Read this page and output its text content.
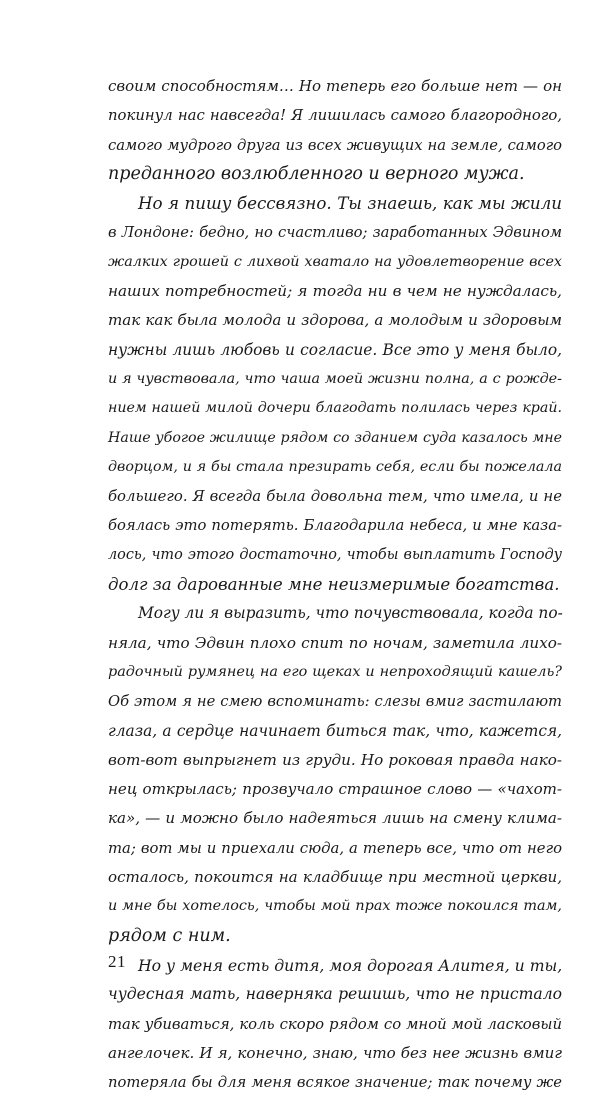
своим способностям… Но теперь его больше нет — он
покинул нас навсегда! Я лишилась самого благородного,
самого мудрого друга из всех живущих на земле, самого
преданного возлюбленного и верного мужа.
Но я пишу бессвязно. Ты знаешь, как мы жили
в Лондоне: бедно, но счастливо; заработанных Эдвином
жалких грошей с лихвой хватало на удовлетворение всех
наших потребностей; я тогда ни в чем не нуждалась,
так как была молода и здорова, а молодым и здоровым
нужны лишь любовь и согласие. Все это у меня было,
и я чувствовала, что чаша моей жизни полна, а с рожде-
нием нашей милой дочери благодать полилась через край.
Наше убогое жилище рядом со зданием суда казалось мне
дворцом, и я бы стала презирать себя, если бы пожелала
большего. Я всегда была довольна тем, что имела, и не
боялась это потерять. Благодарила небеса, и мне каза-
лось, что этого достаточно, чтобы выплатить Господу
долг за дарованные мне неизмеримые богатства.
Могу ли я выразить, что почувствовала, когда по-
няла, что Эдвин плохо спит по ночам, заметила лихо-
радочный румянец на его щеках и непроходящий кашель?
Об этом я не смею вспоминать: слезы вмиг застилают
глаза, а сердце начинает биться так, что, кажется,
вот-вот выпрыгнет из груди. Но роковая правда нако-
нец открылась; прозвучало страшное слово — «чахот-
ка», — и можно было надеяться лишь на смену клима-
та; вот мы и приехали сюда, а теперь все, что от него
осталось, покоится на кладбище при местной церкви,
и мне бы хотелось, чтобы мой прах тоже покоился там,
рядом с ним.
Но у меня есть дитя, моя дорогая Алитея, и ты,
чудесная мать, наверняка решишь, что не пристало
так убиваться, коль скоро рядом со мной мой ласковый
ангелочек. И я, конечно, знаю, что без нее жизнь вмиг
потеряла бы для меня всякое значение; так почему же
21
